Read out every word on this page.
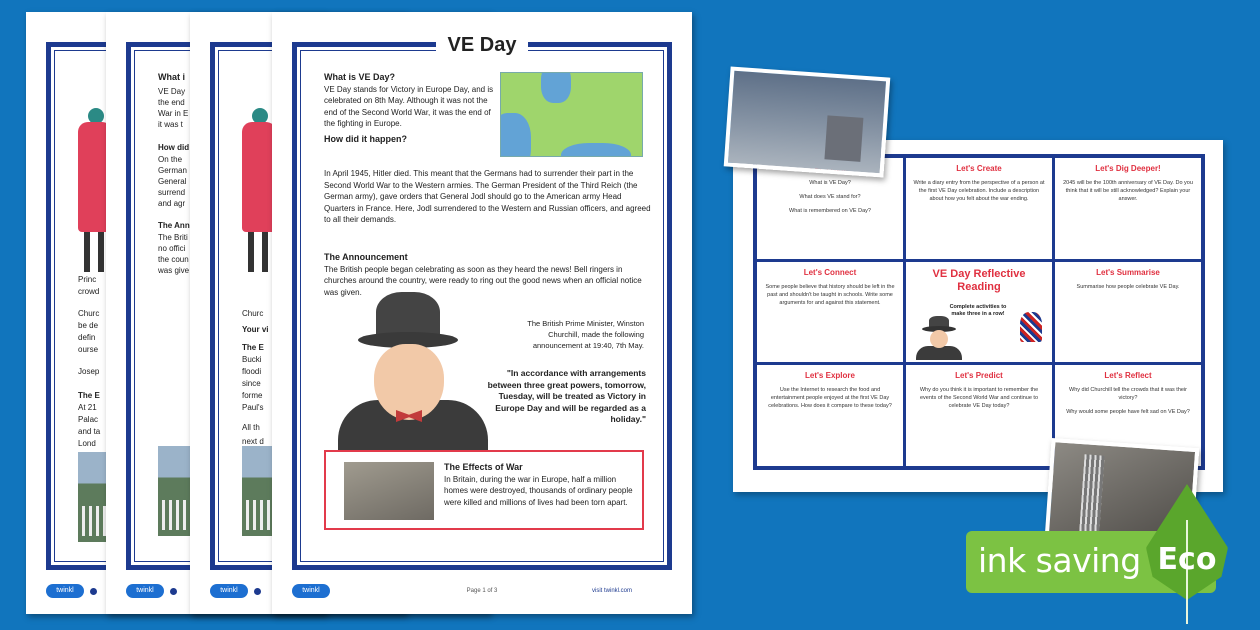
Princ
crowd
Churc
be de
defin
ourse
Josep
The E
At 21
Palac
and ta
Lond
twinkl
What i
VE Day
the end
War in E
it was t
How did
On the
German
General
surrend
and agr
The Ann
The Briti
no offici
the coun
was give
twinkl
Churc
Your vi
The E
Bucki
floodi
since
forme
Paul's
All th
next d
twinkl
VE Day
What is VE Day?
VE Day stands for Victory in Europe Day, and is celebrated on 8th May. Although it was not the end of the Second World War, it was the end of the fighting in Europe.
How did it happen?
In April 1945, Hitler died. This meant that the Germans had to surrender their part in the Second World War to the Western armies. The German President of the Third Reich (the German army), gave orders that General Jodl should go to the American army Head Quarters in France. Here, Jodl surrendered to the Western and Russian officers, and agreed to all their demands.
The Announcement
The British people began celebrating as soon as they heard the news! Bell ringers in churches around the country, were ready to ring out the good news when an official notice was given.
The British Prime Minister, Winston Churchill, made the following announcement at 19:40, 7th May.
"In accordance with arrangements between three great powers, tomorrow, Tuesday, will be treated as Victory in Europe Day and will be regarded as a holiday."
The Effects of War
In Britain, during the war in Europe, half a million homes were destroyed, thousands of ordinary people were killed and millions of lives had been torn apart.
twinkl	Page 1 of 3	visit twinkl.com

What is VE Day?

What does VE stand for?

What is remembered on VE Day?

Let's Create

Write a diary entry from the perspective of a person at the first VE Day celebration. Include a description about how you felt about the war ending.

Let's Dig Deeper!

2045 will be the 100th anniversary of VE Day. Do you think that it will be still acknowledged? Explain your answer.

Let's Connect

Some people believe that history should be left in the past and shouldn't be taught in schools. Write some arguments for and against this statement.

VE Day Reflective Reading
Complete activities to make three in a row!
Let's Summarise

Summarise how people celebrate VE Day.

Let's Explore

Use the Internet to research the food and entertainment people enjoyed at the first VE Day celebrations. How does it compare to these today?

Let's Predict

Why do you think it is important to remember the events of the Second World War and continue to celebrate VE Day today?

Let's Reflect

Why did Churchill tell the crowds that it was their victory?

Why would some people have felt sad on VE Day?

ink saving Eco
